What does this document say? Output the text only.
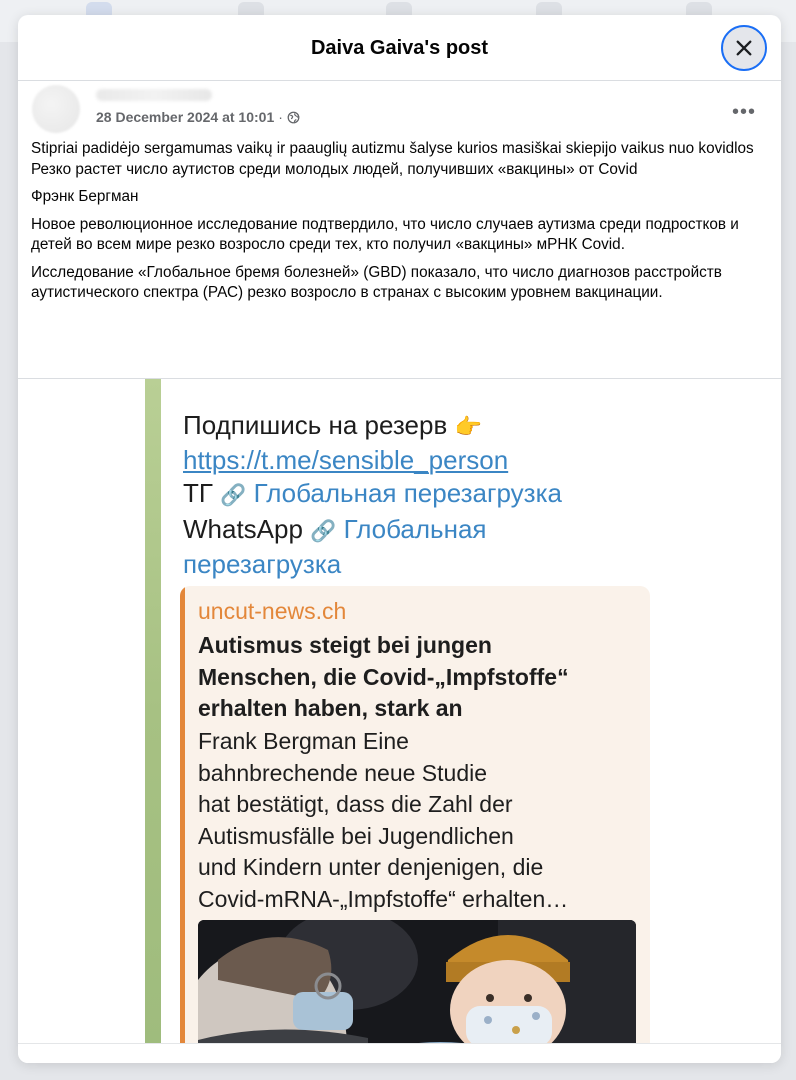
Daiva Gaiva's post
28 December 2024 at 10:01 ·	•••

Stipriai padidėjo sergamumas vaikų ir paauglių autizmu šalyse kurios masiškai skiepijo vaikus nuo kovidlos

Резко растет число аутистов среди молодых людей, получивших «вакцины» от Covid

Фрэнк Бергман

Новое революционное исследование подтвердило, что число случаев аутизма среди подростков и детей во всем мире резко возросло среди тех, кто получил «вакцины» мРНК Covid.

Исследование «Глобальное бремя болезней» (GBD) показало, что число диагнозов расстройств аутистического спектра (РАС) резко возросло в странах с высоким уровнем вакцинации.

Подпишись на резерв 👉
https://t.me/sensible_person
ТГ 🔗 Глобальная перезагрузка
WhatsApp 🔗 Глобальная
перезагрузка
uncut-news.ch
Autismus steigt bei jungen
Menschen, die Covid-„Impfstoffe“
erhalten haben, stark an
Frank Bergman Eine
bahnbrechende neue Studie
hat bestätigt, dass die Zahl der
Autismusfälle bei Jugendlichen
und Kindern unter denjenigen, die
Covid-mRNA-„Impfstoffe“ erhalten…
